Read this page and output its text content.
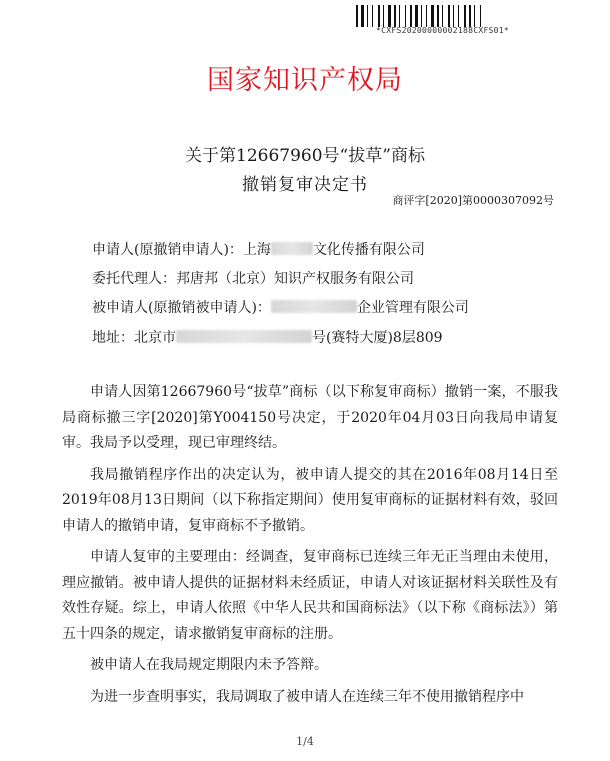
*CXFS20200000002188CXFS01*
国家知识产权局
关于第12667960号“拔草”商标
撤销复审决定书
商评字[2020]第0000307092号
申请人(原撤销申请人)：上海	文化传播有限公司
委托代理人：邦唐邦（北京）知识产权服务有限公司
被申请人(原撤销被申请人)：	企业管理有限公司
地址：北京市	号(赛特大厦)8层809

申请人因第12667960号“拔草”商标（以下称复审商标）撤销一案，不服我局商标撤三字[2020]第Y004150号决定，于2020年04月03日向我局申请复审。我局予以受理，现已审理终结。

我局撤销程序作出的决定认为，被申请人提交的其在2016年08月14日至2019年08月13日期间（以下称指定期间）使用复审商标的证据材料有效，驳回申请人的撤销申请，复审商标不予撤销。

申请人复审的主要理由：经调查，复审商标已连续三年无正当理由未使用，理应撤销。被申请人提供的证据材料未经质证，申请人对该证据材料关联性及有效性存疑。综上，申请人依照《中华人民共和国商标法》（以下称《商标法》）第五十四条的规定，请求撤销复审商标的注册。

被申请人在我局规定期限内未予答辩。

为进一步查明事实，我局调取了被申请人在连续三年不使用撤销程序中

1/4
